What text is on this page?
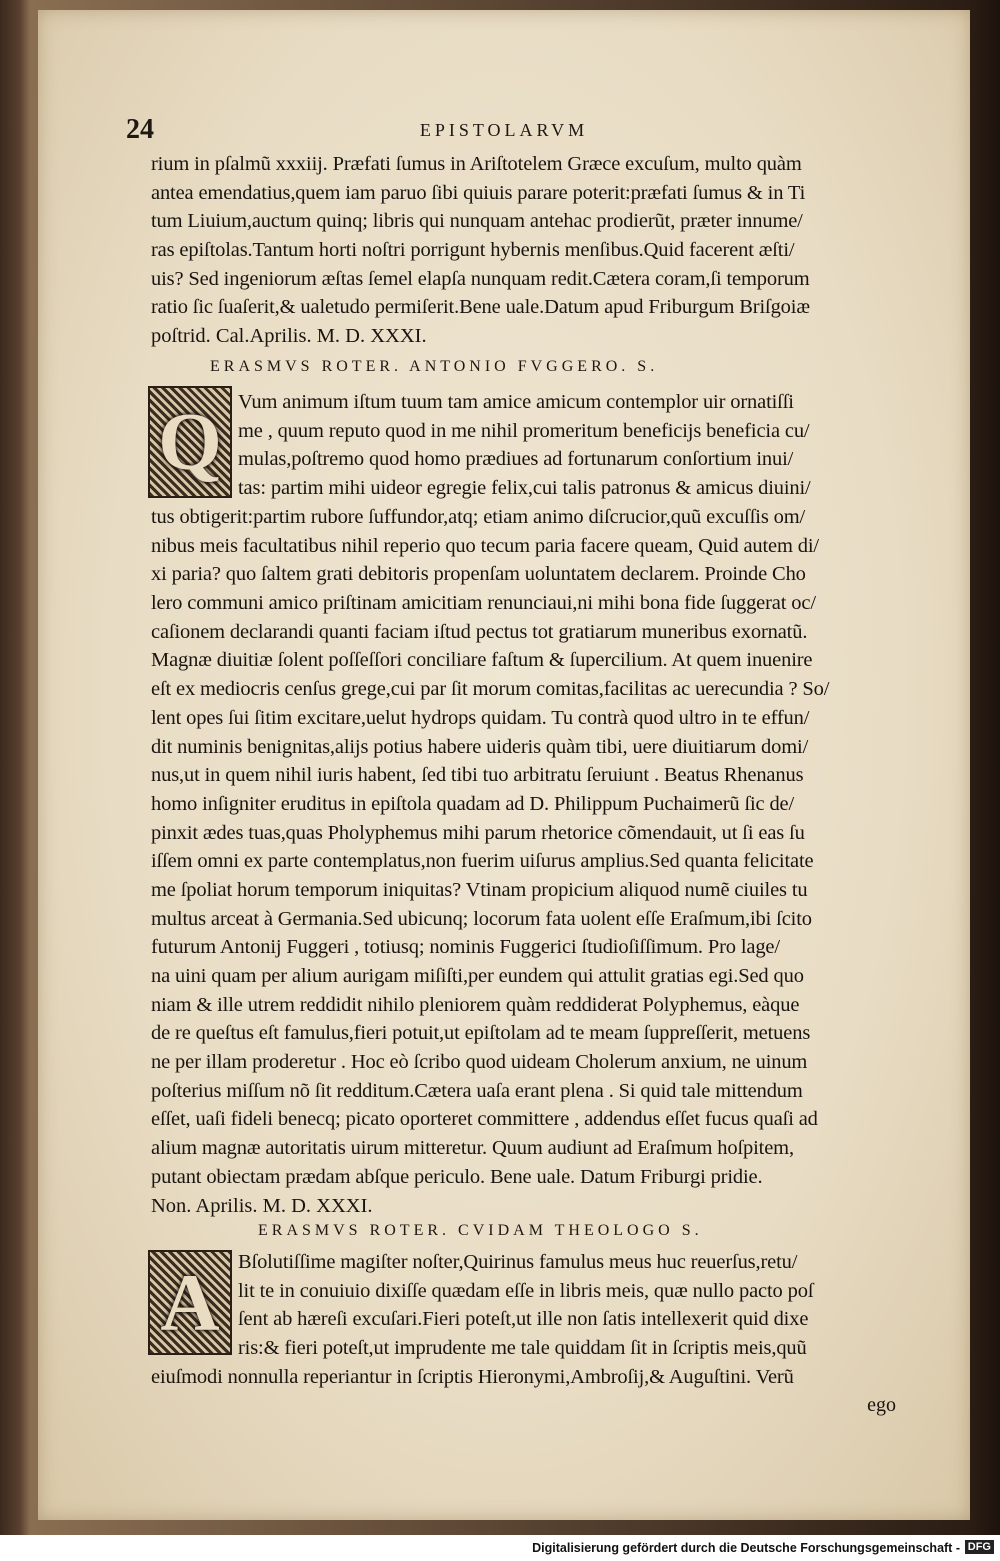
24	EPISTOLARVM
rium in pſalmũ xxxiij. Præfati ſumus in Ariſtotelem Græce excuſum, multo quàm
antea emendatius,quem iam paruo ſibi quiuis parare poterit:præfati ſumus & in Ti
tum Liuium,auctum quinq; libris qui nunquam antehac prodierũt, præter innume/
ras epiſtolas.Tantum horti noſtri porrigunt hybernis menſibus.Quid facerent æſti/
uis? Sed ingeniorum æſtas ſemel elapſa nunquam redit.Cætera coram,ſi temporum
ratio ſic ſuaſerit,& ualetudo permiſerit.Bene uale.Datum apud Friburgum Briſgoiæ
poſtrid. Cal.Aprilis. M. D. XXXI.
ERASMVS ROTER. ANTONIO FVGGERO. S.
Q Vum animum iſtum tuum tam amice amicum contemplor uir ornatiſſi
me , quum reputo quod in me nihil promeritum beneficijs beneficia cu/
mulas,poſtremo quod homo prædiues ad fortunarum conſortium inui/
tas: partim mihi uideor egregie felix,cui talis patronus & amicus diuini/
tus obtigerit:partim rubore ſuffundor,atq; etiam animo diſcrucior,quũ excuſſis om/
nibus meis facultatibus nihil reperio quo tecum paria facere queam, Quid autem di/
xi paria? quo ſaltem grati debitoris propenſam uoluntatem declarem. Proinde Cho
lero communi amico priſtinam amicitiam renunciaui,ni mihi bona fide ſuggerat oc/
caſionem declarandi quanti faciam iſtud pectus tot gratiarum muneribus exornatũ.
Magnæ diuitiæ ſolent poſſeſſori conciliare faſtum & ſupercilium. At quem inuenire
eſt ex mediocris cenſus grege,cui par ſit morum comitas,facilitas ac uerecundia ? So/
lent opes ſui ſitim excitare,uelut hydrops quidam. Tu contrà quod ultro in te effun/
dit numinis benignitas,alijs potius habere uideris quàm tibi, uere diuitiarum domi/
nus,ut in quem nihil iuris habent, ſed tibi tuo arbitratu ſeruiunt . Beatus Rhenanus
homo inſigniter eruditus in epiſtola quadam ad D. Philippum Puchaimerũ ſic de/
pinxit ædes tuas,quas Pholyphemus mihi parum rhetorice cõmendauit, ut ſi eas ſu
iſſem omni ex parte contemplatus,non fuerim uiſurus amplius.Sed quanta felicitate
me ſpoliat horum temporum iniquitas? Vtinam propicium aliquod numẽ ciuiles tu
multus arceat à Germania.Sed ubicunq; locorum fata uolent eſſe Eraſmum,ibi ſcito
futurum Antonij Fuggeri , totiusq; nominis Fuggerici ſtudioſiſſimum. Pro lage/
na uini quam per alium aurigam miſiſti,per eundem qui attulit gratias egi.Sed quo
niam & ille utrem reddidit nihilo pleniorem quàm reddiderat Polyphemus, eàque
de re queſtus eſt famulus,fieri potuit,ut epiſtolam ad te meam ſuppreſſerit, metuens
ne per illam proderetur . Hoc eò ſcribo quod uideam Cholerum anxium, ne uinum
poſterius miſſum nõ ſit redditum.Cætera uaſa erant plena . Si quid tale mittendum
eſſet, uaſi fideli benecq; picato oporteret committere , addendus eſſet fucus quaſi ad
alium magnæ autoritatis uirum mitteretur. Quum audiunt ad Eraſmum hoſpitem,
putant obiectam prædam abſque periculo. Bene uale. Datum Friburgi pridie.
Non. Aprilis. M. D. XXXI.
ERASMVS ROTER. CVIDAM THEOLOGO S.
A Bſolutiſſime magiſter noſter,Quirinus famulus meus huc reuerſus,retu/
lit te in conuiuio dixiſſe quædam eſſe in libris meis, quæ nullo pacto poſ
ſent ab hæreſi excuſari.Fieri poteſt,ut ille non ſatis intellexerit quid dixe
ris:& fieri poteſt,ut imprudente me tale quiddam ſit in ſcriptis meis,quũ
eiuſmodi nonnulla reperiantur in ſcriptis Hieronymi,Ambroſij,& Auguſtini. Verũ
ego
Digitalisierung gefördert durch die Deutsche Forschungsgemeinschaft - DFG
